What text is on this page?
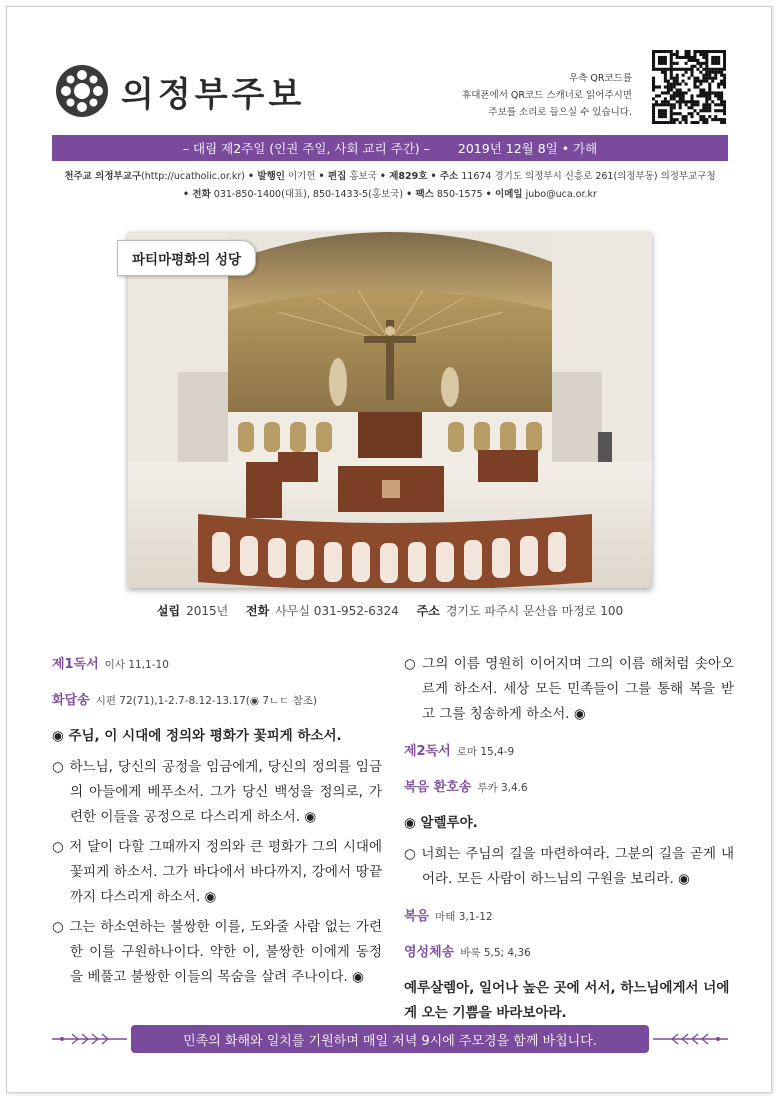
의정부주보	우측 QR코드를
휴대폰에서 QR코드 스캐너로 읽어주시면
주보를 소리로 들으실 수 있습니다.
– 대림 제2주일 (인권 주일, 사회 교리 주간) – 2019년 12월 8일 • 가해
천주교 의정부교구(http://ucatholic.or.kr) • 발행인 이기헌 • 편집 홍보국 • 제829호 • 주소 11674 경기도 의정부시 신흥로 261(의정부동) 의정부교구청
• 전화 031-850-1400(대표), 850-1433-5(홍보국) • 팩스 850-1575 • 이메일 jubo@uca.or.kr
파티마평화의 성당
설립 2015년 전화 사무실 031-952-6324 주소 경기도 파주시 문산읍 마정로 100

제1독서 이사 11,1-10

화답송 시편 72(71),1-2.7-8.12-13.17(◉ 7ㄴㄷ 참조)

◉ 주님, 이 시대에 정의와 평화가 꽃피게 하소서.

○ 하느님, 당신의 공정을 임금에게, 당신의 정의를 임금의 아들에게 베푸소서. 그가 당신 백성을 정의로, 가련한 이들을 공정으로 다스리게 하소서. ◉

○ 저 달이 다할 그때까지 정의와 큰 평화가 그의 시대에 꽃피게 하소서. 그가 바다에서 바다까지, 강에서 땅끝까지 다스리게 하소서. ◉

○ 그는 하소연하는 불쌍한 이를, 도와줄 사람 없는 가련한 이를 구원하나이다. 약한 이, 불쌍한 이에게 동정을 베풀고 불쌍한 이들의 목숨을 살려 주나이다. ◉

○ 그의 이름 영원히 이어지며 그의 이름 해처럼 솟아오르게 하소서. 세상 모든 민족들이 그를 통해 복을 받고 그를 칭송하게 하소서. ◉

제2독서 로마 15,4-9

복음 환호송 루카 3,4.6

◉ 알렐루야.

○ 너희는 주님의 길을 마련하여라. 그분의 길을 곧게 내어라. 모든 사람이 하느님의 구원을 보리라. ◉

복음 마태 3,1-12

영성체송 바룩 5,5; 4,36

예루살렘아, 일어나 높은 곳에 서서, 하느님에게서 너에게 오는 기쁨을 바라보아라.

민족의 화해와 일치를 기원하며 매일 저녁 9시에 주모경을 함께 바칩니다.
